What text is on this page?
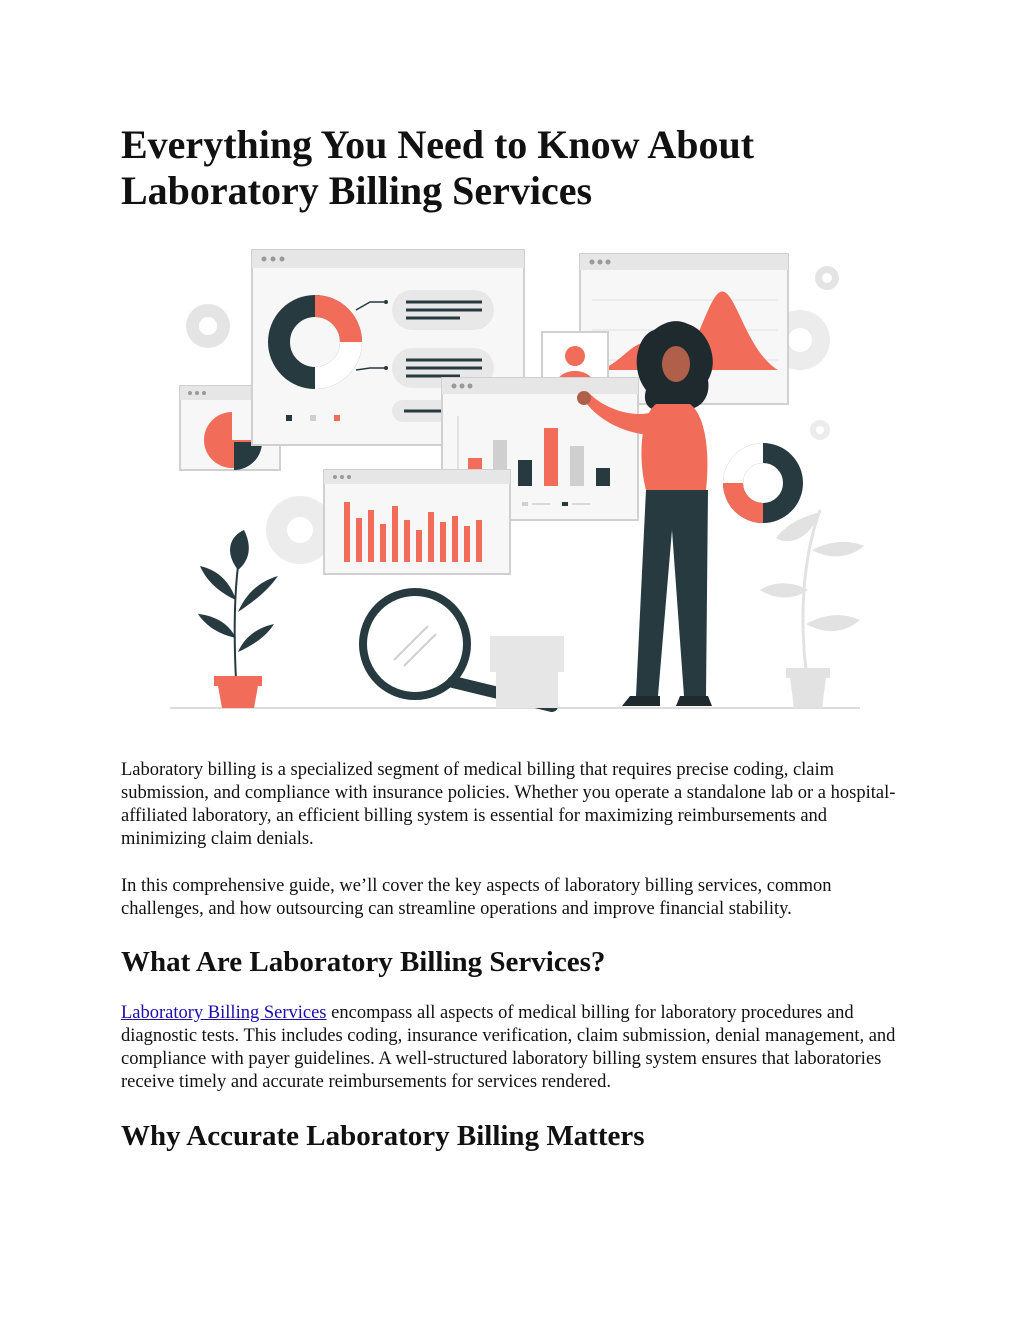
Everything You Need to Know About Laboratory Billing Services

Laboratory billing is a specialized segment of medical billing that requires precise coding, claim submission, and compliance with insurance policies. Whether you operate a standalone lab or a hospital-affiliated laboratory, an efficient billing system is essential for maximizing reimbursements and minimizing claim denials.

In this comprehensive guide, we’ll cover the key aspects of laboratory billing services, common challenges, and how outsourcing can streamline operations and improve financial stability.

What Are Laboratory Billing Services?

Laboratory Billing Services encompass all aspects of medical billing for laboratory procedures and diagnostic tests. This includes coding, insurance verification, claim submission, denial management, and compliance with payer guidelines. A well-structured laboratory billing system ensures that laboratories receive timely and accurate reimbursements for services rendered.

Why Accurate Laboratory Billing Matters
